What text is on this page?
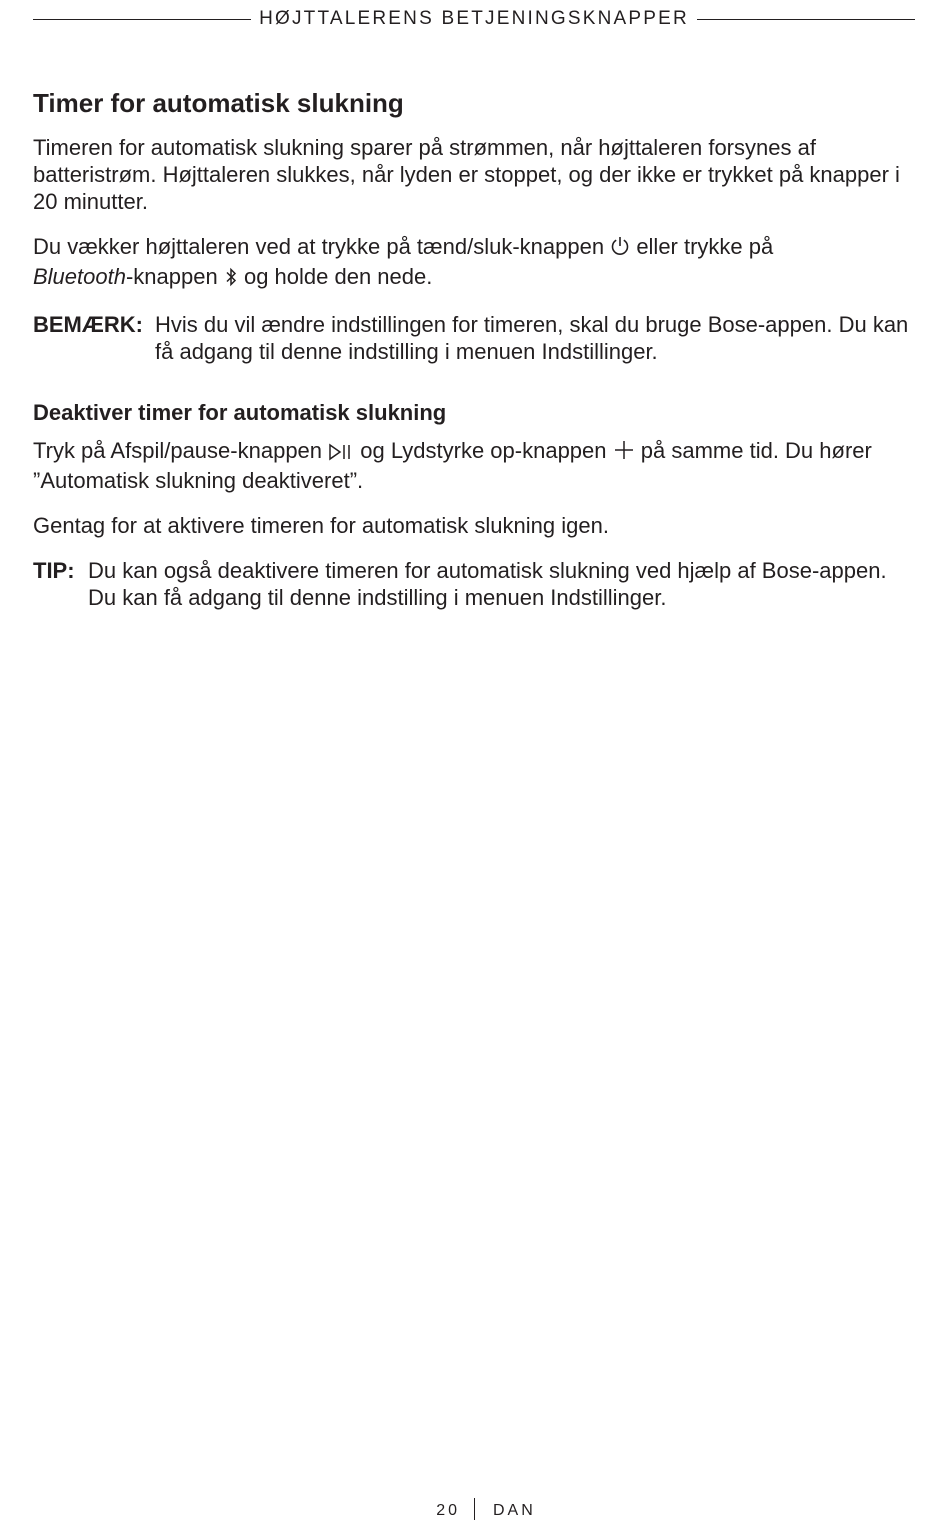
HØJTTALERENS BETJENINGSKNAPPER
Timer for automatisk slukning

Timeren for automatisk slukning sparer på strømmen, når højttaleren forsynes af batteristrøm. Højttaleren slukkes, når lyden er stoppet, og der ikke er trykket på knapper i 20 minutter.

Du vækker højttaleren ved at trykke på tænd/sluk-knappen eller trykke på
Bluetooth-knappen og holde den nede.

BEMÆRK: Hvis du vil ændre indstillingen for timeren, skal du bruge Bose-appen. Du kan få adgang til denne indstilling i menuen Indstillinger.
Deaktiver timer for automatisk slukning

Tryk på Afspil/pause-knappen og Lydstyrke op-knappen på samme tid. Du hører ”Automatisk slukning deaktiveret”.

Gentag for at aktivere timeren for automatisk slukning igen.

TIP: Du kan også deaktivere timeren for automatisk slukning ved hjælp af Bose-appen. Du kan få adgang til denne indstilling i menuen Indstillinger.
20 DAN
